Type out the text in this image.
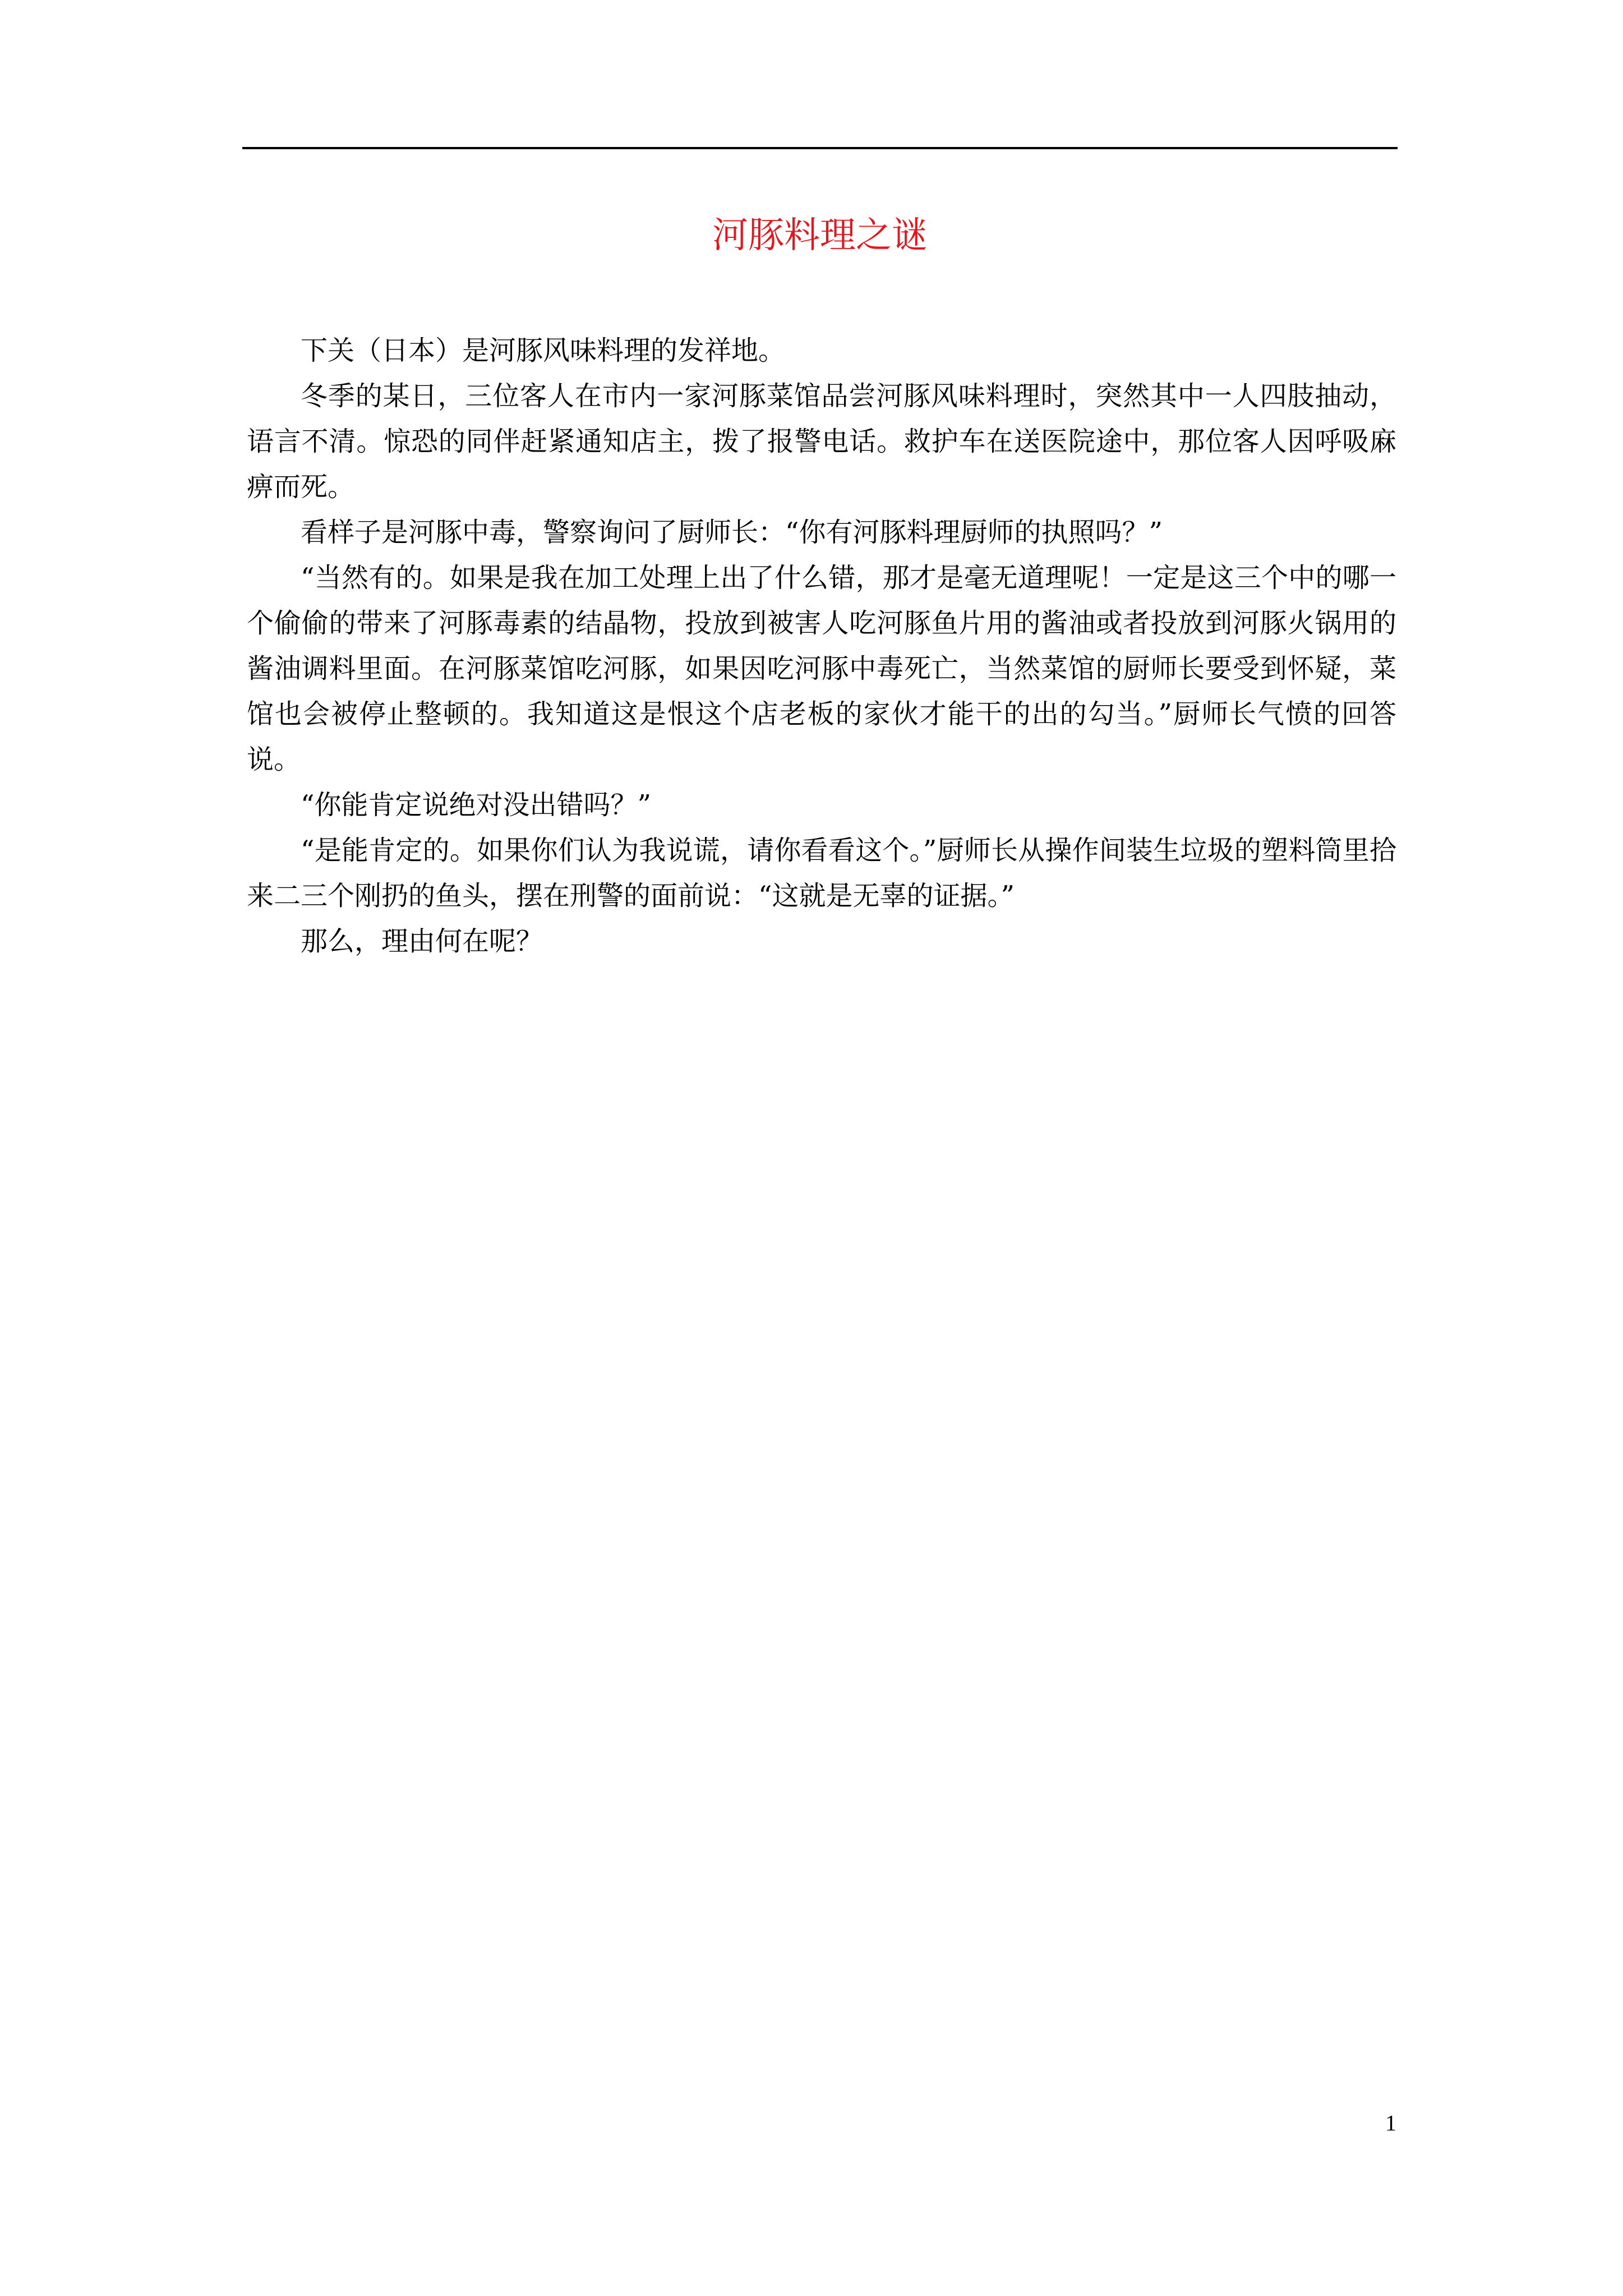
河豚料理之谜

下关（日本）是河豚风味料理的发祥地。

冬季的某日，三位客人在市内一家河豚菜馆品尝河豚风味料理时，突然其中一人四肢抽动，语言不清。惊恐的同伴赶紧通知店主，拨了报警电话。救护车在送医院途中，那位客人因呼吸麻痹而死。

看样子是河豚中毒，警察询问了厨师长：“你有河豚料理厨师的执照吗？”

“当然有的。如果是我在加工处理上出了什么错，那才是毫无道理呢！一定是这三个中的哪一个偷偷的带来了河豚毒素的结晶物，投放到被害人吃河豚鱼片用的酱油或者投放到河豚火锅用的酱油调料里面。在河豚菜馆吃河豚，如果因吃河豚中毒死亡，当然菜馆的厨师长要受到怀疑，菜馆也会被停止整顿的。我知道这是恨这个店老板的家伙才能干的出的勾当。”厨师长气愤的回答说。

“你能肯定说绝对没出错吗？”

“是能肯定的。如果你们认为我说谎，请你看看这个。”厨师长从操作间装生垃圾的塑料筒里拾来二三个刚扔的鱼头，摆在刑警的面前说：“这就是无辜的证据。”

那么，理由何在呢？

1
